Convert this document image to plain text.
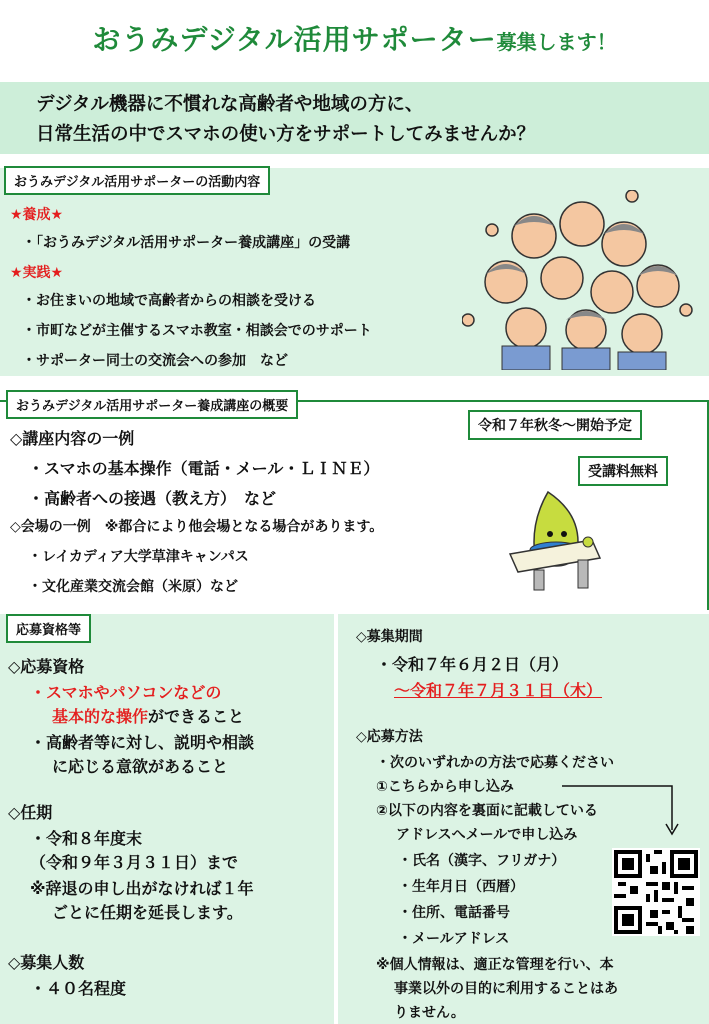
おうみデジタル活用サポーター募集します！

デジタル機器に不慣れな高齢者や地域の方に、

日常生活の中でスマホの使い方をサポートしてみませんか？

おうみデジタル活用サポーターの活動内容
★養成★
・「おうみデジタル活用サポーター養成講座」の受講
★実践★
・お住まいの地域で高齢者からの相談を受ける
・市町などが主催するスマホ教室・相談会でのサポート
・サポーター同士の交流会への参加　など
おうみデジタル活用サポーター養成講座の概要
令和７年秋冬～開始予定
受講料無料
◇講座内容の一例
・スマホの基本操作（電話・メール・ＬＩＮＥ）
・高齢者への接遇（教え方）　など
◇会場の一例　※都合により他会場となる場合があります。
・レイカディア大学草津キャンパス
・文化産業交流会館（米原）など
応募資格等
◇応募資格
・スマホやパソコンなどの
基本的な操作ができること
・高齢者等に対し、説明や相談
に応じる意欲があること
◇任期
・令和８年度末
（令和９年３月３１日）まで
※辞退の申し出がなければ１年
ごとに任期を延長します。
◇募集人数
・４０名程度
◇募集期間
・令和７年６月２日（月）
～令和７年７月３１日（木）
◇応募方法
・次のいずれかの方法で応募ください
①こちらから申し込み
②以下の内容を裏面に記載している
アドレスへメールで申し込み
・氏名（漢字、フリガナ）
・生年月日（西暦）
・住所、電話番号
・メールアドレス
※個人情報は、適正な管理を行い、本
事業以外の目的に利用することはあ
りません。
